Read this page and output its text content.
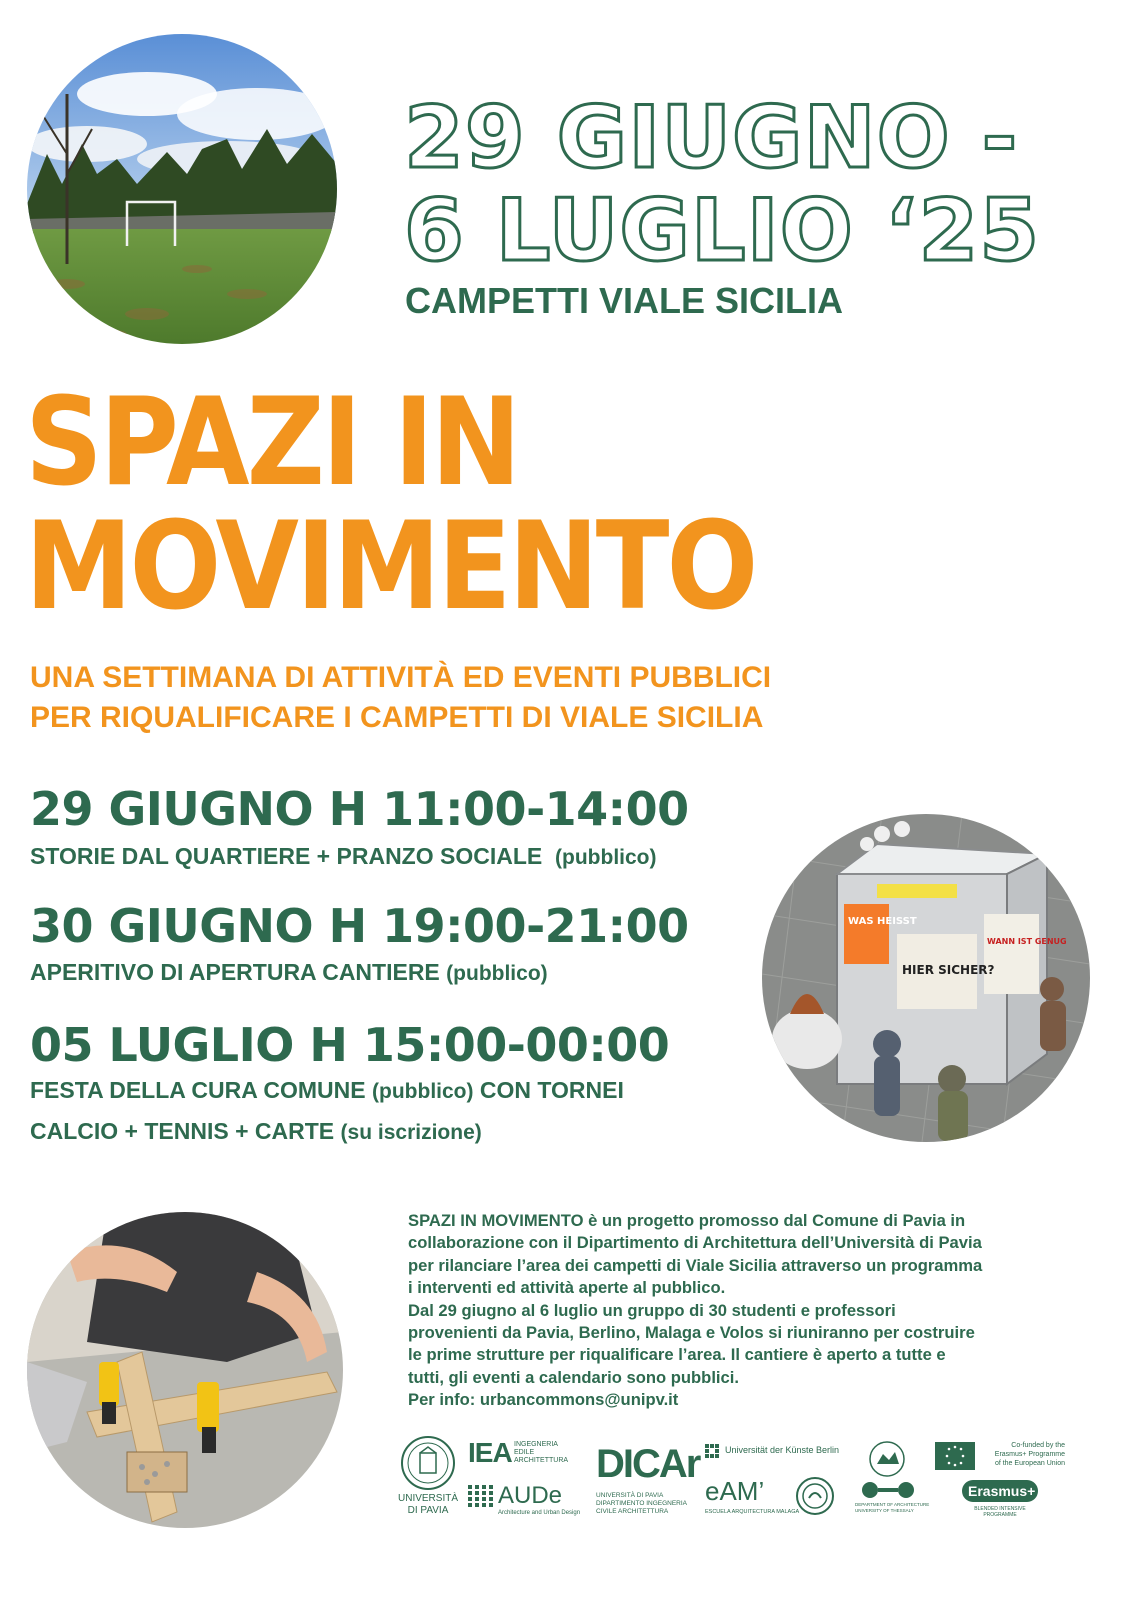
29 GIUGNO -
6 LUGLIO ‘25
CAMPETTI VIALE SICILIA
SPAZI IN
MOVIMENTO
UNA SETTIMANA DI ATTIVITÀ ED EVENTI PUBBLICI
PER RIQUALIFICARE I CAMPETTI DI VIALE SICILIA
29 GIUGNO H 11:00-14:00
STORIE DAL QUARTIERE + PRANZO SOCIALE (pubblico)
30 GIUGNO H 19:00-21:00
APERITIVO DI APERTURA CANTIERE (pubblico)
05 LUGLIO H 15:00-00:00
FESTA DELLA CURA COMUNE (pubblico) CON TORNEI
CALCIO + TENNIS + CARTE (su iscrizione)
WAS HEISST
HIER SICHER?
WANN IST GENUG

SPAZI IN MOVIMENTO è un progetto promosso dal Comune di Pavia in

collaborazione con il Dipartimento di Architettura dell’Università di Pavia

per rilanciare l’area dei campetti di Viale Sicilia attraverso un programma

i interventi ed attività aperte al pubblico.

Dal 29 giugno al 6 luglio un gruppo di 30 studenti e professori

provenienti da Pavia, Berlino, Malaga e Volos si riuniranno per costruire

le prime strutture per riqualificare l’area. Il cantiere è aperto a tutte e

tutti, gli eventi a calendario sono pubblici.

Per info: urbancommons@unipv.it

UNIVERSITÀ DI PAVIA
IEA INGEGNERIA
EDILE
ARCHITETTURA
AUDe
Architecture and Urban Design
DICAr
UNIVERSITÀ DI PAVIA
DIPARTIMENTO INGEGNERIA
CIVILE ARCHITETTURA
Universität der Künste Berlin
eAM’
ESCUELA ARQUITECTURA MALAGA
DEPARTMENT OF ARCHITECTURE
UNIVERSITY OF THESSALY
Co-funded by the
Erasmus+ Programme
of the European Union
Erasmus+
BLENDED INTENSIVE
PROGRAMME
